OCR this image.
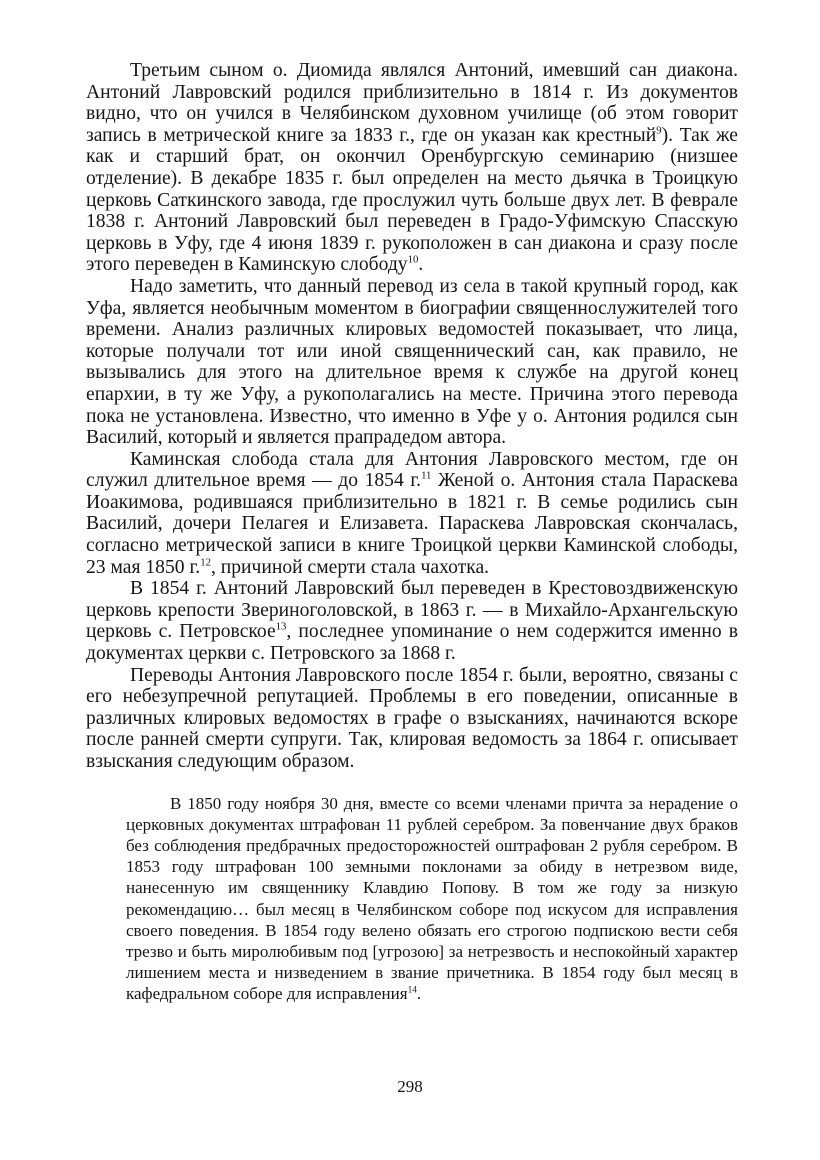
Третьим сыном о. Диомида являлся Антоний, имевший сан диакона. Антоний Лавровский родился приблизительно в 1814 г. Из документов видно, что он учился в Челябинском духовном училище (об этом говорит запись в метрической книге за 1833 г., где он указан как крестный$^9$). Так же как и старший брат, он окончил Оренбургскую семинарию (низшее отделение). В декабре 1835 г. был определен на место дьячка в Троицкую церковь Саткинского завода, где прослужил чуть больше двух лет. В феврале 1838 г. Антоний Лавровский был переведен в Градо-Уфимскую Спасскую церковь в Уфу, где 4 июня 1839 г. рукоположен в сан диакона и сразу после этого переведен в Каминскую слободу$^{10}$.

Надо заметить, что данный перевод из села в такой крупный город, как Уфа, является необычным моментом в биографии священнослужителей того времени. Анализ различных клировых ведомостей показывает, что лица, которые получали тот или иной священнический сан, как правило, не вызывались для этого на длительное время к службе на другой конец епархии, в ту же Уфу, а рукополагались на месте. Причина этого перевода пока не установлена. Известно, что именно в Уфе у о. Антония родился сын Василий, который и является прапрадедом автора.

Каминская слобода стала для Антония Лавровского местом, где он служил длительное время — до 1854 г.$^{11}$ Женой о. Антония стала Параскева Иоакимова, родившаяся приблизительно в 1821 г. В семье родились сын Василий, дочери Пелагея и Елизавета. Параскева Лавровская скончалась, согласно метрической записи в книге Троицкой церкви Каминской слободы, 23 мая 1850 г.$^{12}$, причиной смерти стала чахотка.

В 1854 г. Антоний Лавровский был переведен в Крестовоздвиженскую церковь крепости Звериноголовской, в 1863 г. — в Михайло-Архангельскую церковь с. Петровское$^{13}$, последнее упоминание о нем содержится именно в документах церкви с. Петровского за 1868 г.

Переводы Антония Лавровского после 1854 г. были, вероятно, связаны с его небезупречной репутацией. Проблемы в его поведении, описанные в различных клировых ведомостях в графе о взысканиях, начинаются вскоре после ранней смерти супруги. Так, клировая ведомость за 1864 г. описывает взыскания следующим образом.

В 1850 году ноября 30 дня, вместе со всеми членами причта за нерадение о церковных документах штрафован 11 рублей серебром. За повенчание двух браков без соблюдения предбрачных предосторожностей оштрафован 2 рубля серебром. В 1853 году штрафован 100 земными поклонами за обиду в нетрезвом виде, нанесенную им священнику Клавдию Попову. В том же году за низкую рекомендацию… был месяц в Челябинском соборе под искусом для исправления своего поведения. В 1854 году велено обязать его строгою подпискою вести себя трезво и быть миролюбивым под [угрозою] за нетрезвость и неспокойный характер лишением места и низведением в звание причетника. В 1854 году был месяц в кафедральном соборе для исправления$^{14}$.

298
